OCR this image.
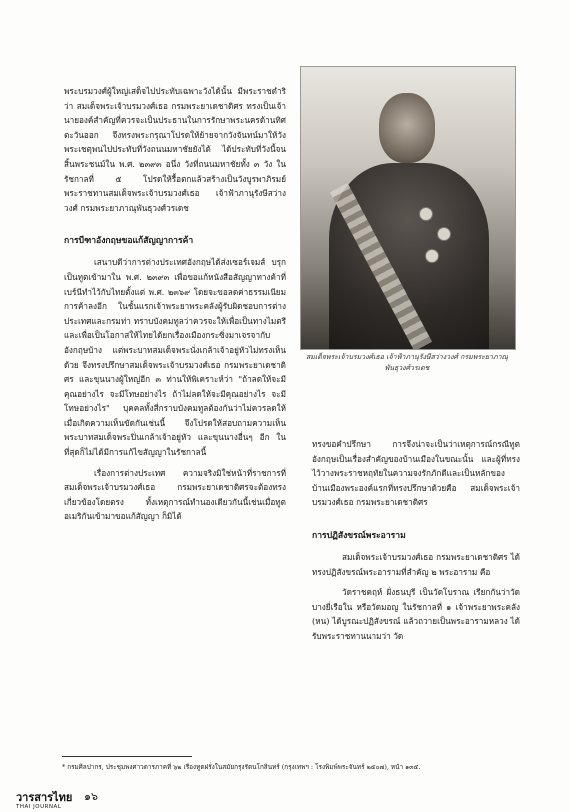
พระบรมวงศ์ผู้ใหญ่เสด็จไปประทับเฉพาะวังได้นั้น มีพระราชดำริว่า สมเด็จพระเจ้าบรมวงศ์เธอ กรมพระยาเดชาดิศร ทรงเป็นเจ้านายองค์สำคัญที่ควรจะเป็นประธานในการรักษาพระนครด้านทิศตะวันออก จึงทรงพระกรุณาโปรดให้ย้ายจากวังจันทน์มาให้วังพระเชตุพนไปประทับที่วังถนนมหาชัยยังได้ ได้ประทับที่วังนี้จนสิ้นพระชนม์ใน พ.ศ. ๒๓๙๓ อนึ่ง วังที่ถนนมหาชัยทั้ง ๓ วัง ในรัชกาลที่ ๕ โปรดให้รื้อตกแล้วสร้างเป็นวังบูรพาภิรมย์ พระราชทานสมเด็จพระเจ้าบรมวงศ์เธอ เจ้าฟ้าภานุรังษีสว่างวงศ์ กรมพระยาภาณุพันธุวงศ์วรเดช

การบีฑาอังกฤษขอแก้สัญญาการค้า

เสนาบดีว่าการต่างประเทศอังกฤษได้ส่งเซอร์เจมส์ บรุก เป็นทูตเข้ามาใน พ.ศ. ๒๓๙๓ เพื่อขอแก้หนังสือสัญญาทางค้าที่เบร์นีทำไว้กับไทยตั้งแต่ พ.ศ. ๒๓๖๙ โดยจะขอลดค่าธรรมเนียมการค้าลงอีก ในชั้นแรกเจ้าพระยาพระคลังผู้รับผิดชอบการต่างประเทศและกรมท่า ทราบบังคมทูลว่าควรจะให้เพื่อเป็นทางไมตรี และเพื่อเป็นโอกาสให้ไทยได้ยกเรื่องเมืองกระซิ่งมาเจรจากับอังกฤษบ้าง แต่พระบาทสมเด็จพระนั่งเกล้าเจ้าอยู่หัวไม่ทรงเห็นด้วย จึงทรงปรึกษาสมเด็จพระเจ้าบรมวงศ์เธอ กรมพระยาเดชาดิศร และขุนนางผู้ใหญ่อีก ๓ ท่านให้พิเคราะห์ว่า "ถ้าลดให้จะมีคุณอย่างไร จะมีโทษอย่างไร ถ้าไม่ลดให้จะมีคุณอย่างไร จะมีโทษอย่างไร" บุคคลทั้งสี่กราบบังคมทูลต้องกันว่าไม่ควรลดให้ เมื่อเกิดความเห็นขัดกันเช่นนี้ จึงโปรดให้สอบถามความเห็นพระบาทสมเด็จพระปิ่นเกล้าเจ้าอยู่หัว และขุนนางอื่นๆ อีก ในที่สุดก็ไม่ได้มีการแก้ไขสัญญาในรัชกาลนี้

เรื่องการต่างประเทศ ความจริงมิใช่หน้าที่ราชการที่สมเด็จพระเจ้าบรมวงศ์เธอ กรมพระยาเดชาดิศรจะต้องทรงเกี่ยวข้องโดยตรง ทั้งเหตุการณ์ทำนองเดียวกันนี้เช่นเมื่อทูตอเมริกันเข้ามาขอแก้สัญญา ก็มิได้

สมเด็จพระเจ้าบรมวงศ์เธอ เจ้าฟ้าภานุรังษีสว่างวงศ์ กรมพระยาภาณุพันธุวงศ์วรเดช

ทรงขอคำปรึกษา การจึงน่าจะเป็นว่าเหตุการณ์กรณีทูตอังกฤษเป็นเรื่องสำคัญของบ้านเมืองในขณะนั้น และผู้ที่ทรงไว้วางพระราชหฤทัยในความจงรักภักดีและเป็นหลักของบ้านเมืองพระองค์แรกที่ทรงปรึกษาด้วยคือ สมเด็จพระเจ้าบรมวงศ์เธอ กรมพระยาเดชาดิศร

การปฏิสังขรณ์พระอาราม

สมเด็จพระเจ้าบรมวงศ์เธอ กรมพระยาเดชาดิศร ได้ทรงปฏิสังขรณ์พระอารามที่สำคัญ ๒ พระอาราม คือ

วัดราชคฤห์ ฝั่งธนบุรี เป็นวัดโบราณ เรียกกันว่าวัดบางยี่เรือใน หรือวัดมอญ ในรัชกาลที่ ๑ เจ้าพระยาพระคลัง (หน) ได้บูรณะปฏิสังขรณ์ แล้วถวายเป็นพระอารามหลวง ได้รับพระราชทานนามว่า วัด

* กรมศิลปากร, ประชุมพงศาวดารภาคที่ ๖๒ เรื่องทูตฝรั่งในสมัยกรุงรัตนโกสินทร์ (กรุงเทพฯ : โรงพิมพ์พระจันทร์ ๒๕๐๗), หน้า ๑๓๕.
วารสารไทย
THAI JOURNAL
๑๖
